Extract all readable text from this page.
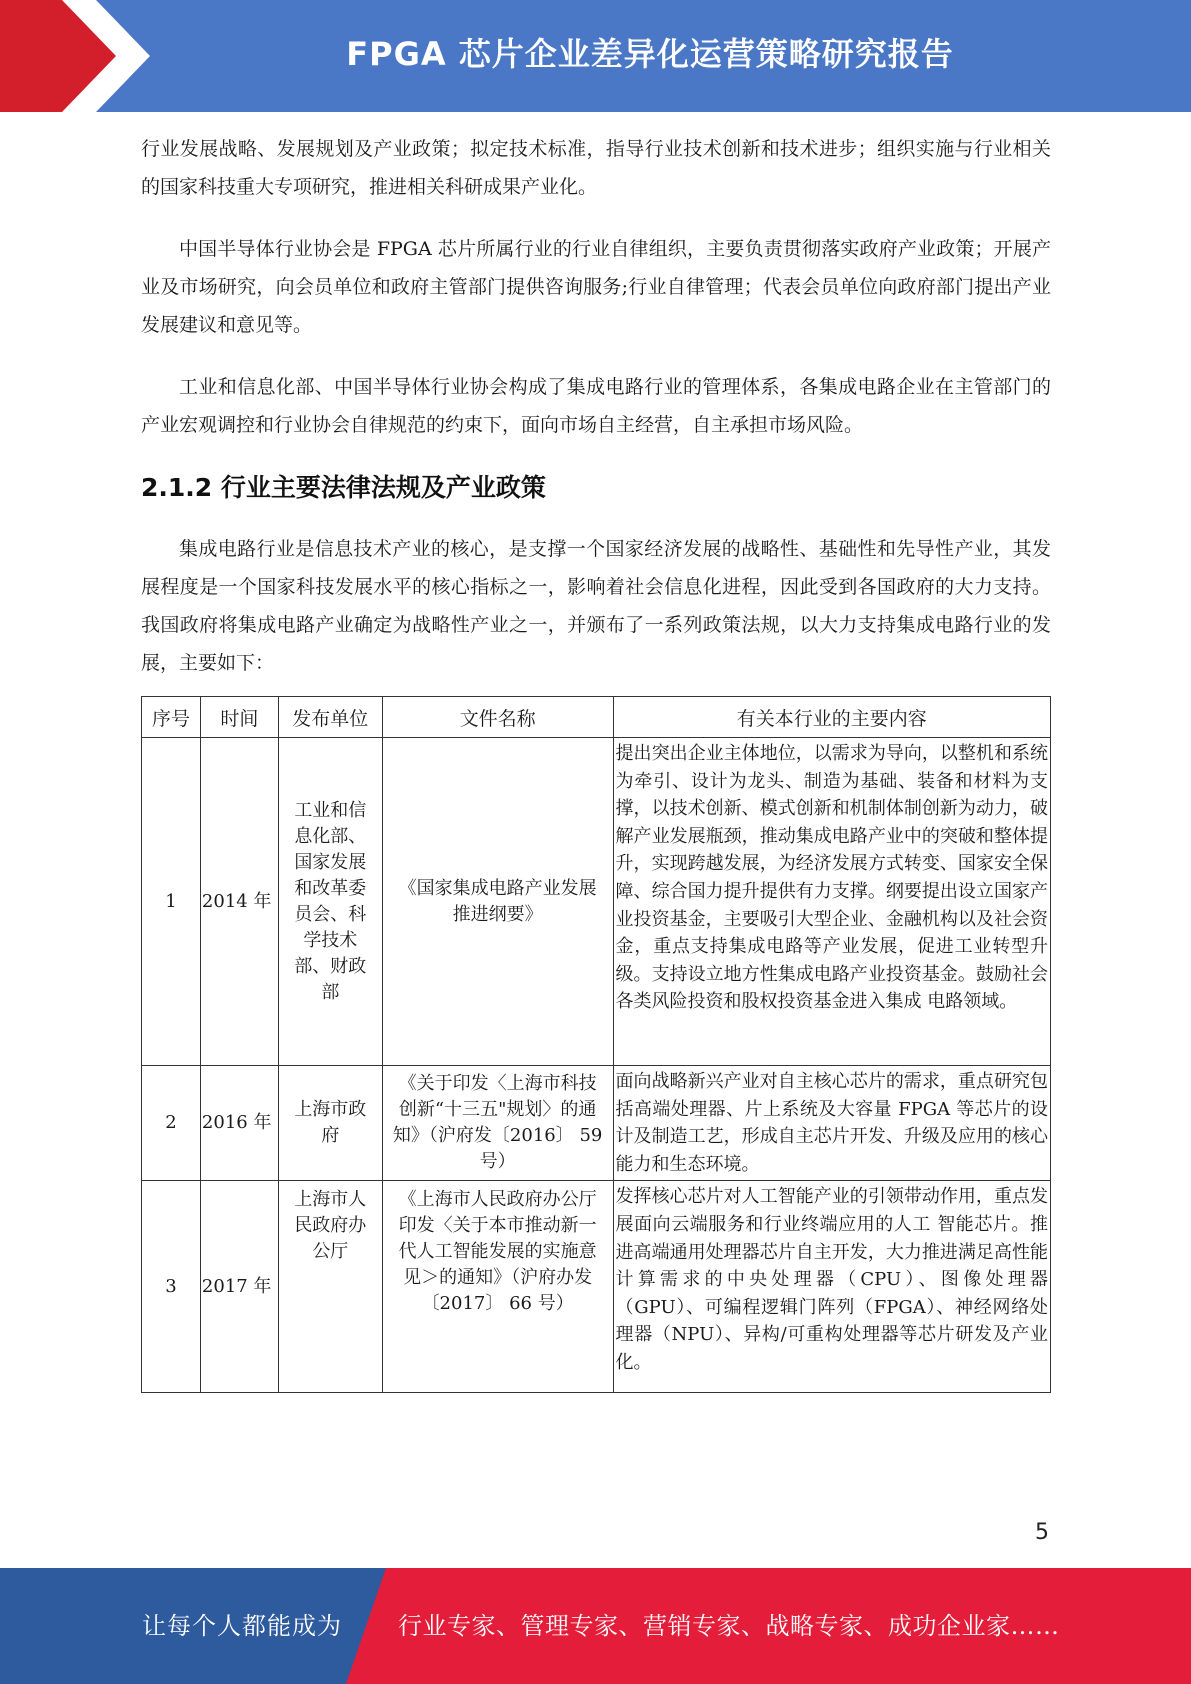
FPGA 芯片企业差异化运营策略研究报告

行业发展战略、发展规划及产业政策；拟定技术标准，指导行业技术创新和技术进步；组织实施与行业相关的国家科技重大专项研究，推进相关科研成果产业化。

中国半导体行业协会是 FPGA 芯片所属行业的行业自律组织，主要负责贯彻落实政府产业政策；开展产业及市场研究，向会员单位和政府主管部门提供咨询服务;行业自律管理；代表会员单位向政府部门提出产业发展建议和意见等。

工业和信息化部、中国半导体行业协会构成了集成电路行业的管理体系，各集成电路企业在主管部门的产业宏观调控和行业协会自律规范的约束下，面向市场自主经营，自主承担市场风险。

2.1.2 行业主要法律法规及产业政策

集成电路行业是信息技术产业的核心，是支撑一个国家经济发展的战略性、基础性和先导性产业，其发展程度是一个国家科技发展水平的核心指标之一，影响着社会信息化进程，因此受到各国政府的大力支持。我国政府将集成电路产业确定为战略性产业之一，并颁布了一系列政策法规，以大力支持集成电路行业的发展，主要如下：

序号	时间	发布单位	文件名称	有关本行业的主要内容
1	2014 年	工业和信息化部、国家发展和改革委员会、科学技术部、财政部	《国家集成电路产业发展推进纲要》	提出突出企业主体地位，以需求为导向，以整机和系统为牵引、设计为龙头、制造为基础、装备和材料为支撑，以技术创新、模式创新和机制体制创新为动力，破解产业发展瓶颈，推动集成电路产业中的突破和整体提升，实现跨越发展，为经济发展方式转变、国家安全保障、综合国力提升提供有力支撑。纲要提出设立国家产业投资基金，主要吸引大型企业、金融机构以及社会资金，重点支持集成电路等产业发展，促进工业转型升级。支持设立地方性集成电路产业投资基金。鼓励社会各类风险投资和股权投资基金进入集成 电路领域。
2	2016 年	上海市政府	《关于印发〈上海市科技创新“十三五"规划〉的通知》（沪府发〔2016〕 59 号）	面向战略新兴产业对自主核心芯片的需求，重点研究包括高端处理器、片上系统及大容量 FPGA 等芯片的设计及制造工艺，形成自主芯片开发、升级及应用的核心能力和生态环境。
3	2017 年	上海市人民政府办公厅	《上海市人民政府办公厅印发〈关于本市推动新一代人工智能发展的实施意见＞的通知》（沪府办发〔2017〕 66 号）	发挥核心芯片对人工智能产业的引领带动作用，重点发展面向云端服务和行业终端应用的人工 智能芯片。推进高端通用处理器芯片自主开发，大力推进满足高性能计算需求的中央处理器（CPU）、图像处理器（GPU）、可编程逻辑门阵列（FPGA）、神经网络处理器（NPU）、异构/可重构处理器等芯片研发及产业化。
5
让每个人都能成为 行业专家、管理专家、营销专家、战略专家、成功企业家……
